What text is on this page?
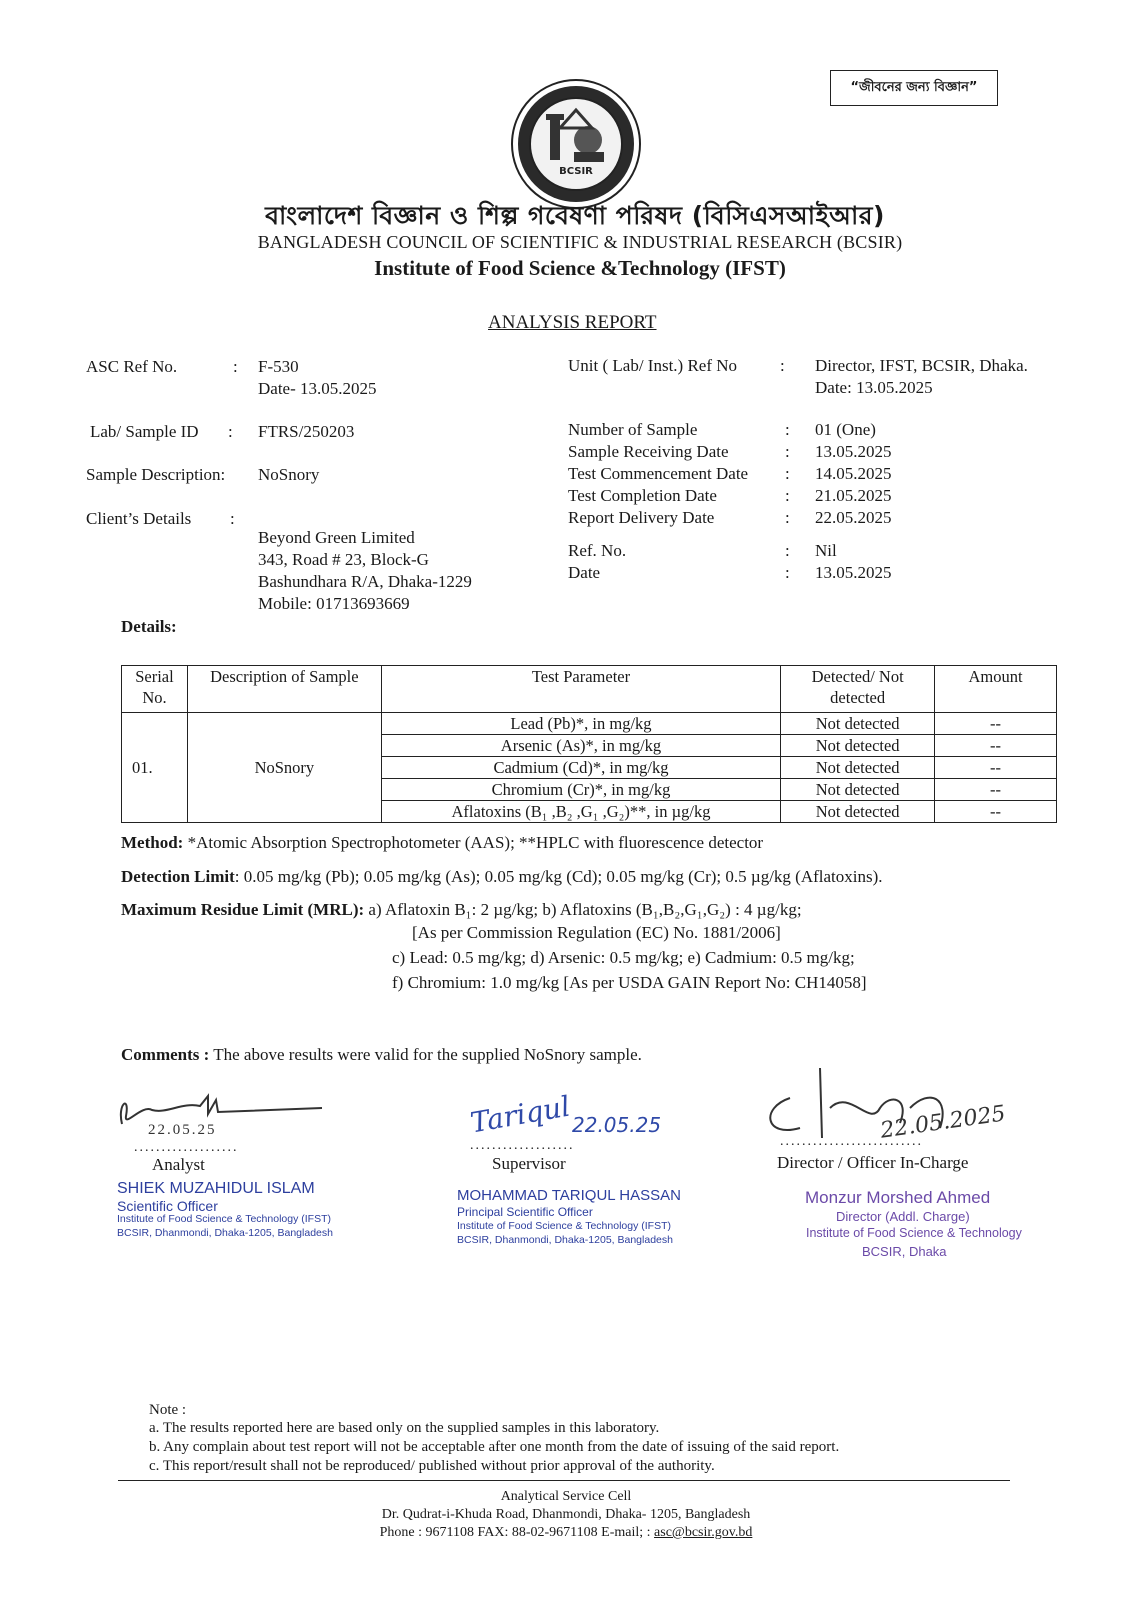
“জীবনের জন্য বিজ্ঞান”
BCSIR
বাংলাদেশ বিজ্ঞান ও শিল্প গবেষণা পরিষদ (বিসিএসআইআর)
BANGLADESH COUNCIL OF SCIENTIFIC & INDUSTRIAL RESEARCH (BCSIR)
Institute of Food Science &Technology (IFST)
ANALYSIS REPORT
ASC Ref No.	: F-530
Date- 13.05.2025
Lab/ Sample ID : FTRS/250203
Sample Description: NoSnory
Client’s Details :
Beyond Green Limited
343, Road # 23, Block-G
Bashundhara R/A, Dhaka-1229
Mobile: 01713693669
Unit ( Lab/ Inst.) Ref No	: Director, IFST, BCSIR, Dhaka.
Date: 13.05.2025
Number of Sample	: 01 (One)
Sample Receiving Date	: 13.05.2025
Test Commencement Date : 14.05.2025
Test Completion Date	: 21.05.2025
Report Delivery Date	: 22.05.2025
Ref. No.	: Nil
Date	: 13.05.2025
Details:
Serial No.	Description of Sample	Test Parameter	Detected/ Not detected	Amount
01.	NoSnory	Lead (Pb)*, in mg/kg	Not detected	--
		Arsenic (As)*, in mg/kg	Not detected	--
		Cadmium (Cd)*, in mg/kg	Not detected	--
		Chromium (Cr)*, in mg/kg	Not detected	--
		Aflatoxins (B₁ ,B₂ ,G₁ ,G₂)**, in µg/kg	Not detected	--
Method: *Atomic Absorption Spectrophotometer (AAS); **HPLC with fluorescence detector
Detection Limit: 0.05 mg/kg (Pb); 0.05 mg/kg (As); 0.05 mg/kg (Cd); 0.05 mg/kg (Cr); 0.5 µg/kg (Aflatoxins).
Maximum Residue Limit (MRL): a) Aflatoxin B₁: 2 µg/kg; b) Aflatoxins (B₁,B₂,G₁,G₂) : 4 µg/kg;
[As per Commission Regulation (EC) No. 1881/2006]
c) Lead: 0.5 mg/kg; d) Arsenic: 0.5 mg/kg; e) Cadmium: 0.5 mg/kg;
f) Chromium: 1.0 mg/kg [As per USDA GAIN Report No: CH14058]
Comments : The above results were valid for the supplied NoSnory sample.
22.05.25
...................
Analyst
SHIEK MUZAHIDUL ISLAM
Scientific Officer
Institute of Food Science & Technology (IFST)
BCSIR, Dhanmondi, Dhaka-1205, Bangladesh
Tariqul 22.05.25
...................
Supervisor
MOHAMMAD TARIQUL HASSAN
Principal Scientific Officer
Institute of Food Science & Technology (IFST)
BCSIR, Dhanmondi, Dhaka-1205, Bangladesh
22.05.2025
..........................
Director / Officer In-Charge
Monzur Morshed Ahmed
Director (Addl. Charge)
Institute of Food Science & Technology
BCSIR, Dhaka
Note :
a. The results reported here are based only on the supplied samples in this laboratory.
b. Any complain about test report will not be acceptable after one month from the date of issuing of the said report.
c. This report/result shall not be reproduced/ published without prior approval of the authority.
Analytical Service Cell
Dr. Qudrat-i-Khuda Road, Dhanmondi, Dhaka- 1205, Bangladesh
Phone : 9671108 FAX: 88-02-9671108 E-mail; : asc@bcsir.gov.bd
